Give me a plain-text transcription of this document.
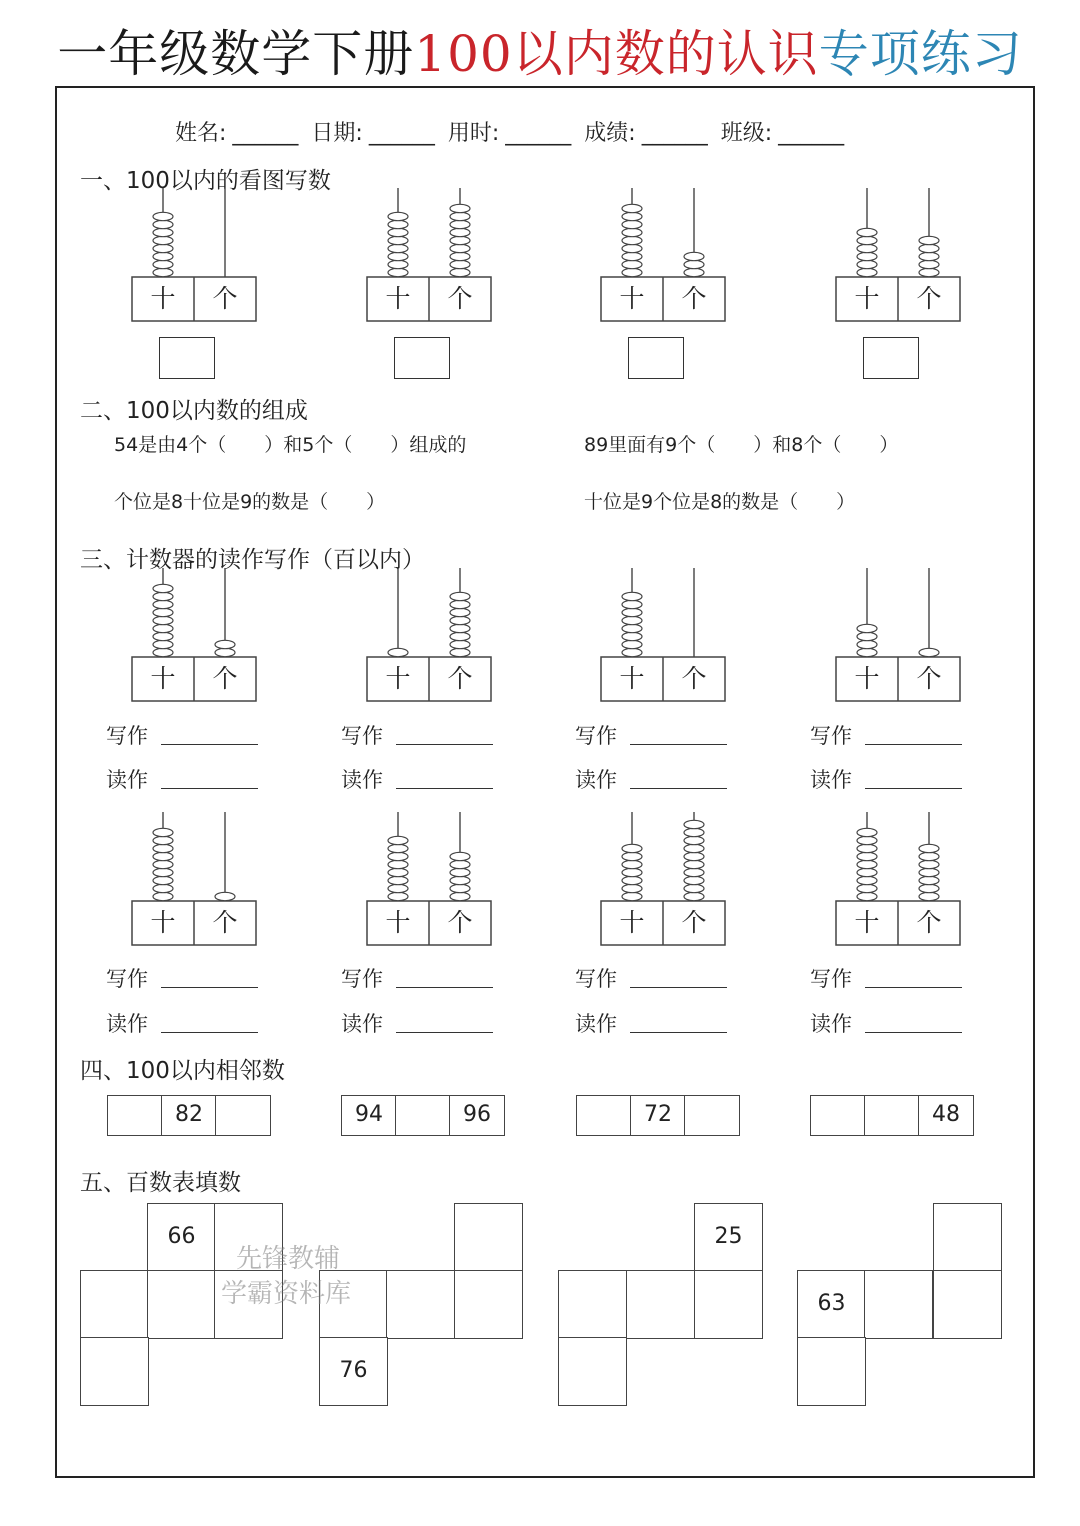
一年级数学下册100以内数的认识专项练习
姓名: ______ 日期: ______ 用时: ______ 成绩: ______ 班级: ______
一、100以内的看图写数
十 个	十 个	十 个	十 个
二、100以内数的组成
54是由4个（　　）和5个（　　）组成的	89里面有9个（　　）和8个（　　）
个位是8十位是9的数是（　　）	十位是9个位是8的数是（　　）
三、计数器的读作写作（百以内）
十 个	十 个	十 个	十 个
写作	写作	写作	写作
读作	读作	读作	读作
十 个	十 个	十 个	十 个
写作	写作	写作	写作
读作	读作	读作	读作
四、100以内相邻数
82	94	96	72	48
五、百数表填数
66
76
25
63
先锋教辅
学霸资料库
